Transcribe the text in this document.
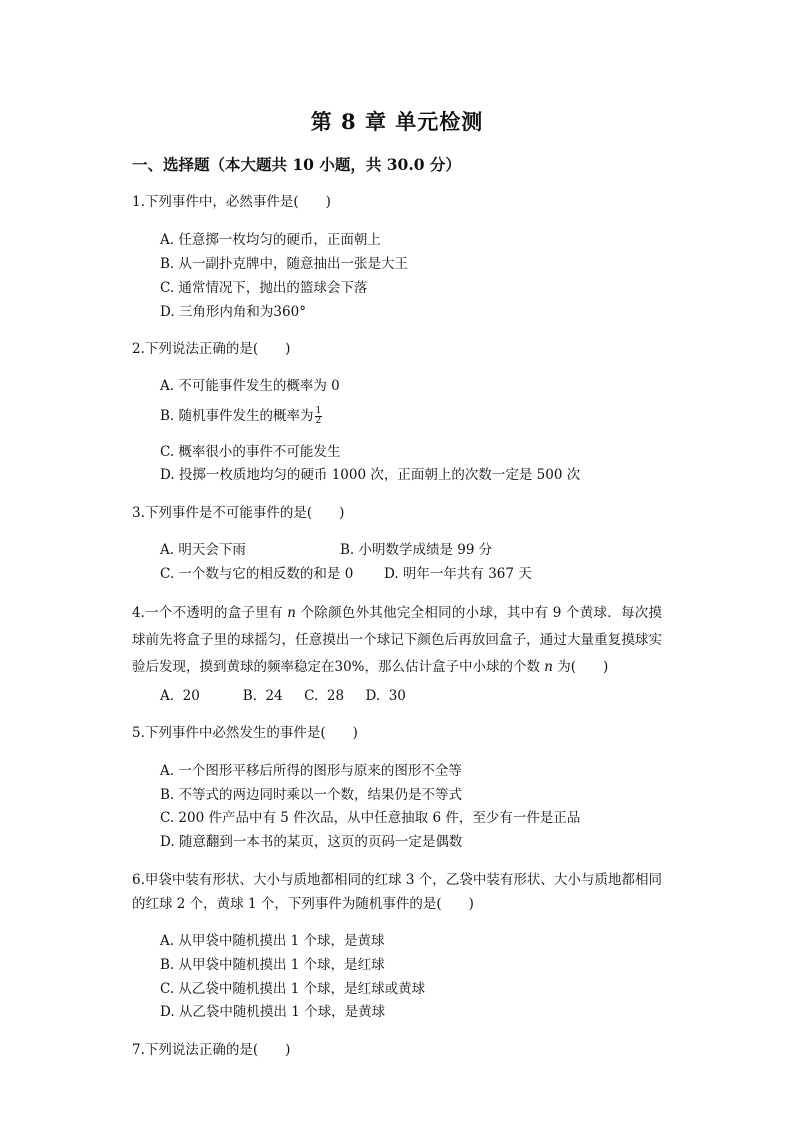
第 8 章 单元检测
一、选择题（本大题共 10 小题，共 30.0 分）
1.下列事件中，必然事件是(　　)
A. 任意掷一枚均匀的硬币，正面朝上
B. 从一副扑克牌中，随意抽出一张是大王
C. 通常情况下，抛出的篮球会下落
D. 三角形内角和为360°
2.下列说法正确的是(　　)
A. 不可能事件发生的概率为 0
B. 随机事件发生的概率为 $\frac{1}{2}$
C. 概率很小的事件不可能发生
D. 投掷一枚质地均匀的硬币 1000 次，正面朝上的次数一定是 500 次
3.下列事件是不可能事件的是(　　)
A. 明天会下雨	B. 小明数学成绩是 99 分
C. 一个数与它的相反数的和是 0 D. 明年一年共有 367 天
4.一个不透明的盒子里有 n 个除颜色外其他完全相同的小球，其中有 9 个黄球．每次摸球前先将盒子里的球摇匀，任意摸出一个球记下颜色后再放回盒子，通过大量重复摸球实验后发现，摸到黄球的频率稳定在30%，那么估计盒子中小球的个数 n 为(　　)
A.  20          B.  24     C.  28     D.  30
5.下列事件中必然发生的事件是(　　)
A. 一个图形平移后所得的图形与原来的图形不全等
B. 不等式的两边同时乘以一个数，结果仍是不等式
C. 200 件产品中有 5 件次品，从中任意抽取 6 件，至少有一件是正品
D. 随意翻到一本书的某页，这页的页码一定是偶数
6.甲袋中装有形状、大小与质地都相同的红球 3 个，乙袋中装有形状、大小与质地都相同的红球 2 个，黄球 1 个，下列事件为随机事件的是(　　)
A. 从甲袋中随机摸出 1 个球，是黄球
B. 从甲袋中随机摸出 1 个球，是红球
C. 从乙袋中随机摸出 1 个球，是红球或黄球
D. 从乙袋中随机摸出 1 个球，是黄球
7.下列说法正确的是(　　)
